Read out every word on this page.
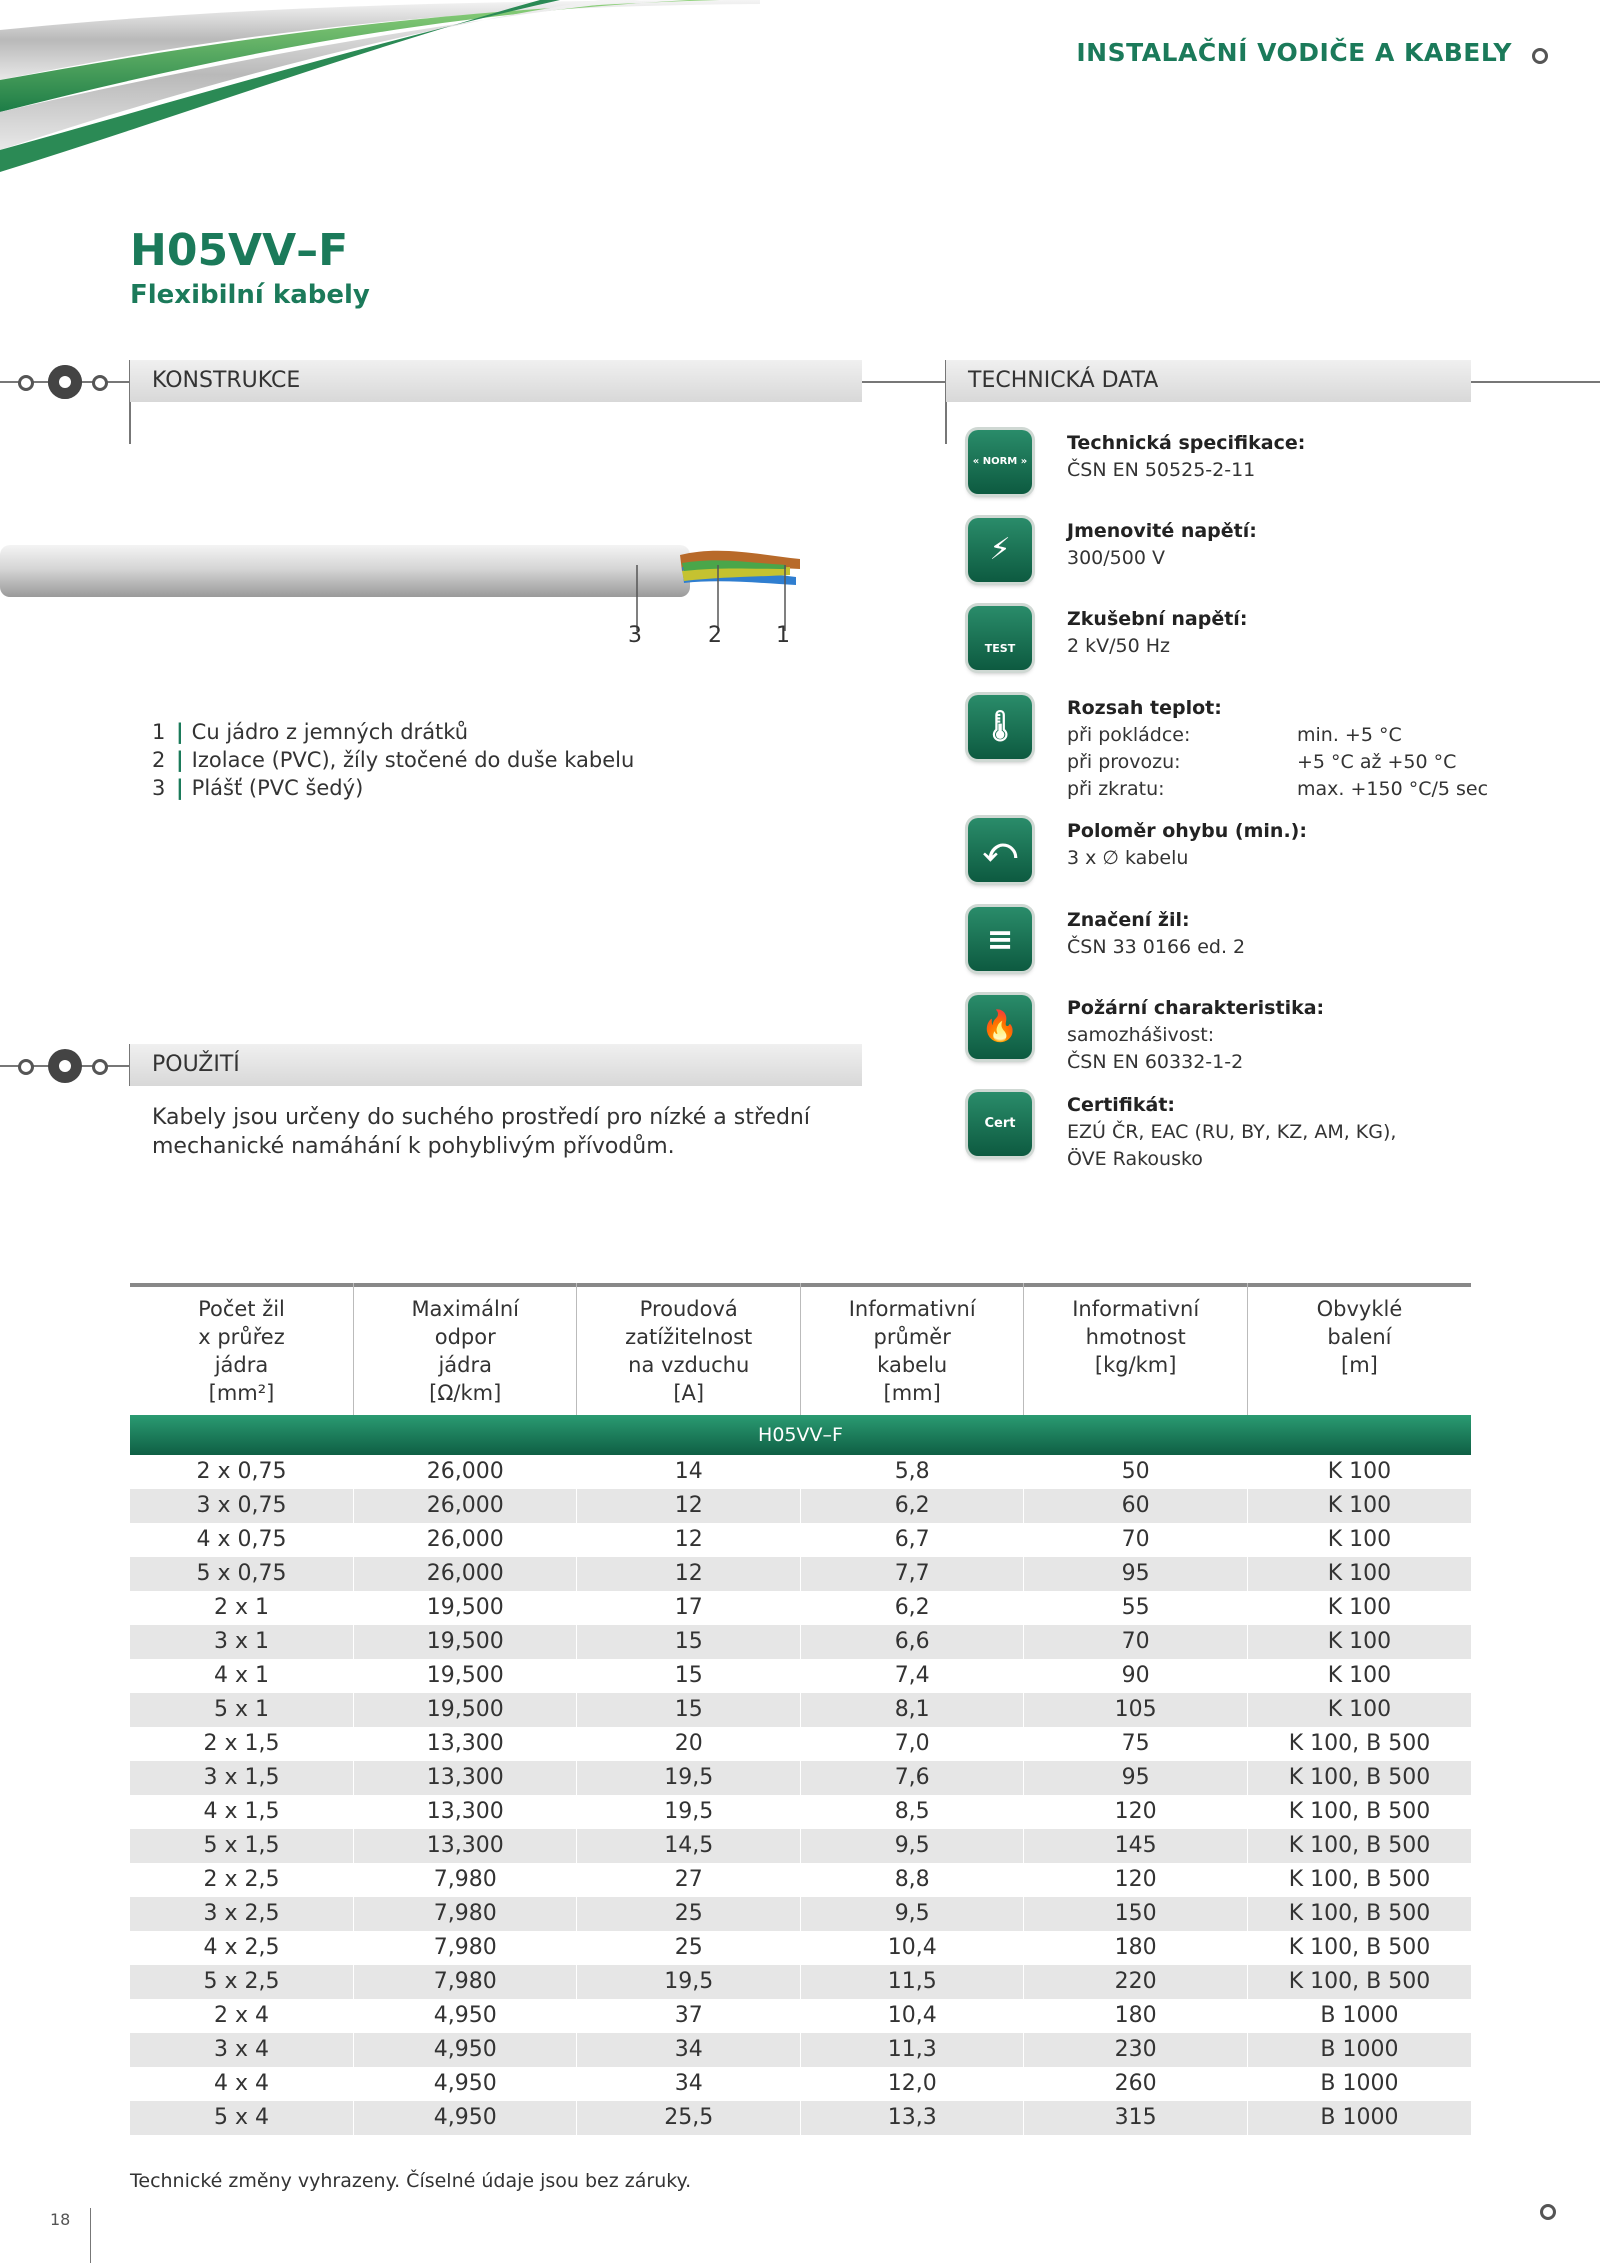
INSTALAČNÍ VODIČE A KABELY
H05VV–F
Flexibilní kabely
KONSTRUKCE	TECHNICKÁ DATA
3	2 1
1 | Cu jádro z jemných drátků
2 | Izolace (PVC), žíly stočené do duše kabelu
3 | Plášť (PVC šedý)
POUŽITÍ
Kabely jsou určeny do suchého prostředí pro nízké a střední mechanické namáhání k pohyblivým přívodům.
« NORM »
Technická specifikace:
ČSN EN 50525-2-11
⚡
Jmenovité napětí:
300/500 V
TEST
Zkušební napětí:
2 kV/50 Hz
🌡
Rozsah teplot:
při pokládce:	min. +5 °C
při provozu:	+5 °C až +50 °C
při zkratu:	max. +150 °C/5 sec
⤺	Poloměr ohybu (min.):
3 x ∅ kabelu
≡	Značení žil:
ČSN 33 0166 ed. 2
🔥
Požární charakteristika:
samozhášivost:
ČSN EN 60332-1-2
Cert
Certifikát:
EZÚ ČR, EAC (RU, BY, KZ, AM, KG),
ÖVE Rakousko
Počet žil
x průřez
jádra
[mm²]	Maximální
odpor
jádra
[Ω/km]	Proudová
zatížitelnost
na vzduchu
[A]	Informativní
průměr
kabelu
[mm]	Informativní
hmotnost
[kg/km]	Obvyklé
balení
[m]
H05VV–F					
2 x 0,75	26,000	14	5,8	50	K 100
3 x 0,75	26,000	12	6,2	60	K 100
4 x 0,75	26,000	12	6,7	70	K 100
5 x 0,75	26,000	12	7,7	95	K 100
2 x 1	19,500	17	6,2	55	K 100
3 x 1	19,500	15	6,6	70	K 100
4 x 1	19,500	15	7,4	90	K 100
5 x 1	19,500	15	8,1	105	K 100
2 x 1,5	13,300	20	7,0	75	K 100, B 500
3 x 1,5	13,300	19,5	7,6	95	K 100, B 500
4 x 1,5	13,300	19,5	8,5	120	K 100, B 500
5 x 1,5	13,300	14,5	9,5	145	K 100, B 500
2 x 2,5	7,980	27	8,8	120	K 100, B 500
3 x 2,5	7,980	25	9,5	150	K 100, B 500
4 x 2,5	7,980	25	10,4	180	K 100, B 500
5 x 2,5	7,980	19,5	11,5	220	K 100, B 500
2 x 4	4,950	37	10,4	180	B 1000
3 x 4	4,950	34	11,3	230	B 1000
4 x 4	4,950	34	12,0	260	B 1000
5 x 4	4,950	25,5	13,3	315	B 1000
Technické změny vyhrazeny. Číselné údaje jsou bez záruky.
18
